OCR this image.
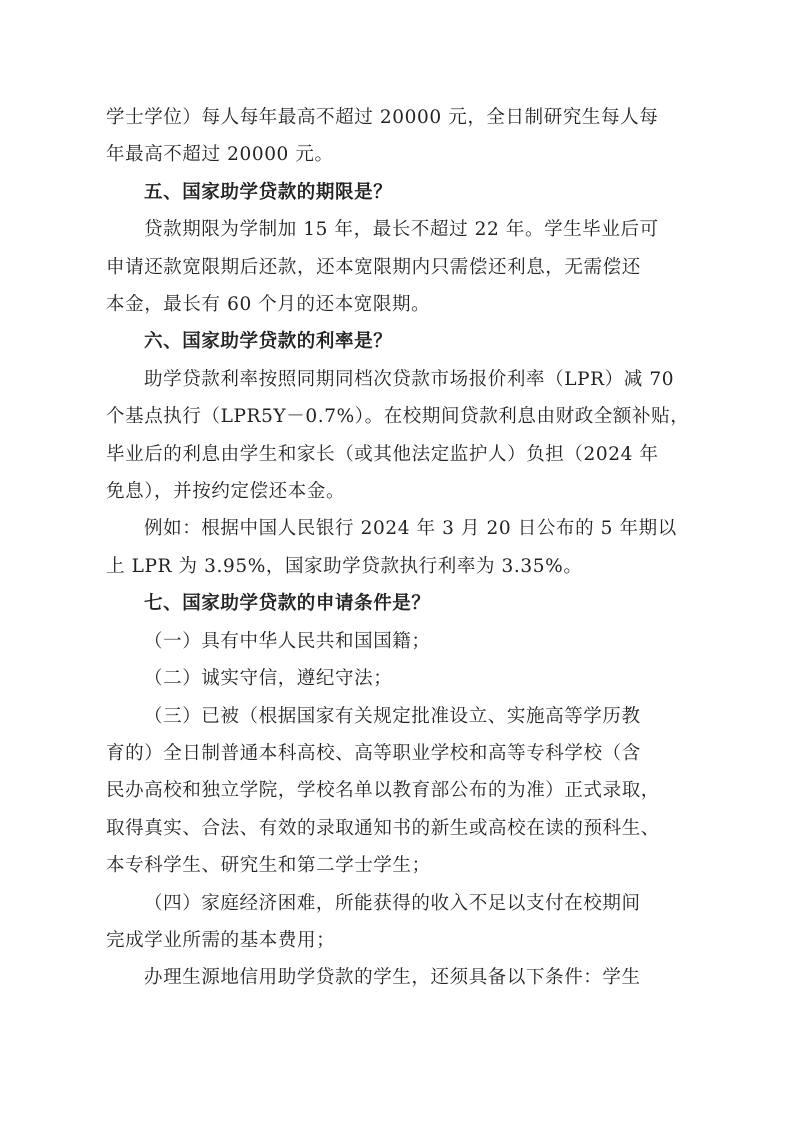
学士学位）每人每年最高不超过 20000 元，全日制研究生每人每

年最高不超过 20000 元。

五、国家助学贷款的期限是？

贷款期限为学制加 15 年，最长不超过 22 年。学生毕业后可

申请还款宽限期后还款，还本宽限期内只需偿还利息，无需偿还

本金，最长有 60 个月的还本宽限期。

六、国家助学贷款的利率是？

助学贷款利率按照同期同档次贷款市场报价利率（LPR）减 70

个基点执行（LPR5Y－0.7%）。在校期间贷款利息由财政全额补贴，

毕业后的利息由学生和家长（或其他法定监护人）负担（2024 年

免息），并按约定偿还本金。

例如：根据中国人民银行 2024 年 3 月 20 日公布的 5 年期以

上 LPR 为 3.95%，国家助学贷款执行利率为 3.35%。

七、国家助学贷款的申请条件是？

（一）具有中华人民共和国国籍；

（二）诚实守信，遵纪守法；

（三）已被（根据国家有关规定批准设立、实施高等学历教

育的）全日制普通本科高校、高等职业学校和高等专科学校（含

民办高校和独立学院，学校名单以教育部公布的为准）正式录取，

取得真实、合法、有效的录取通知书的新生或高校在读的预科生、

本专科学生、研究生和第二学士学生；

（四）家庭经济困难，所能获得的收入不足以支付在校期间

完成学业所需的基本费用；

办理生源地信用助学贷款的学生，还须具备以下条件：学生
